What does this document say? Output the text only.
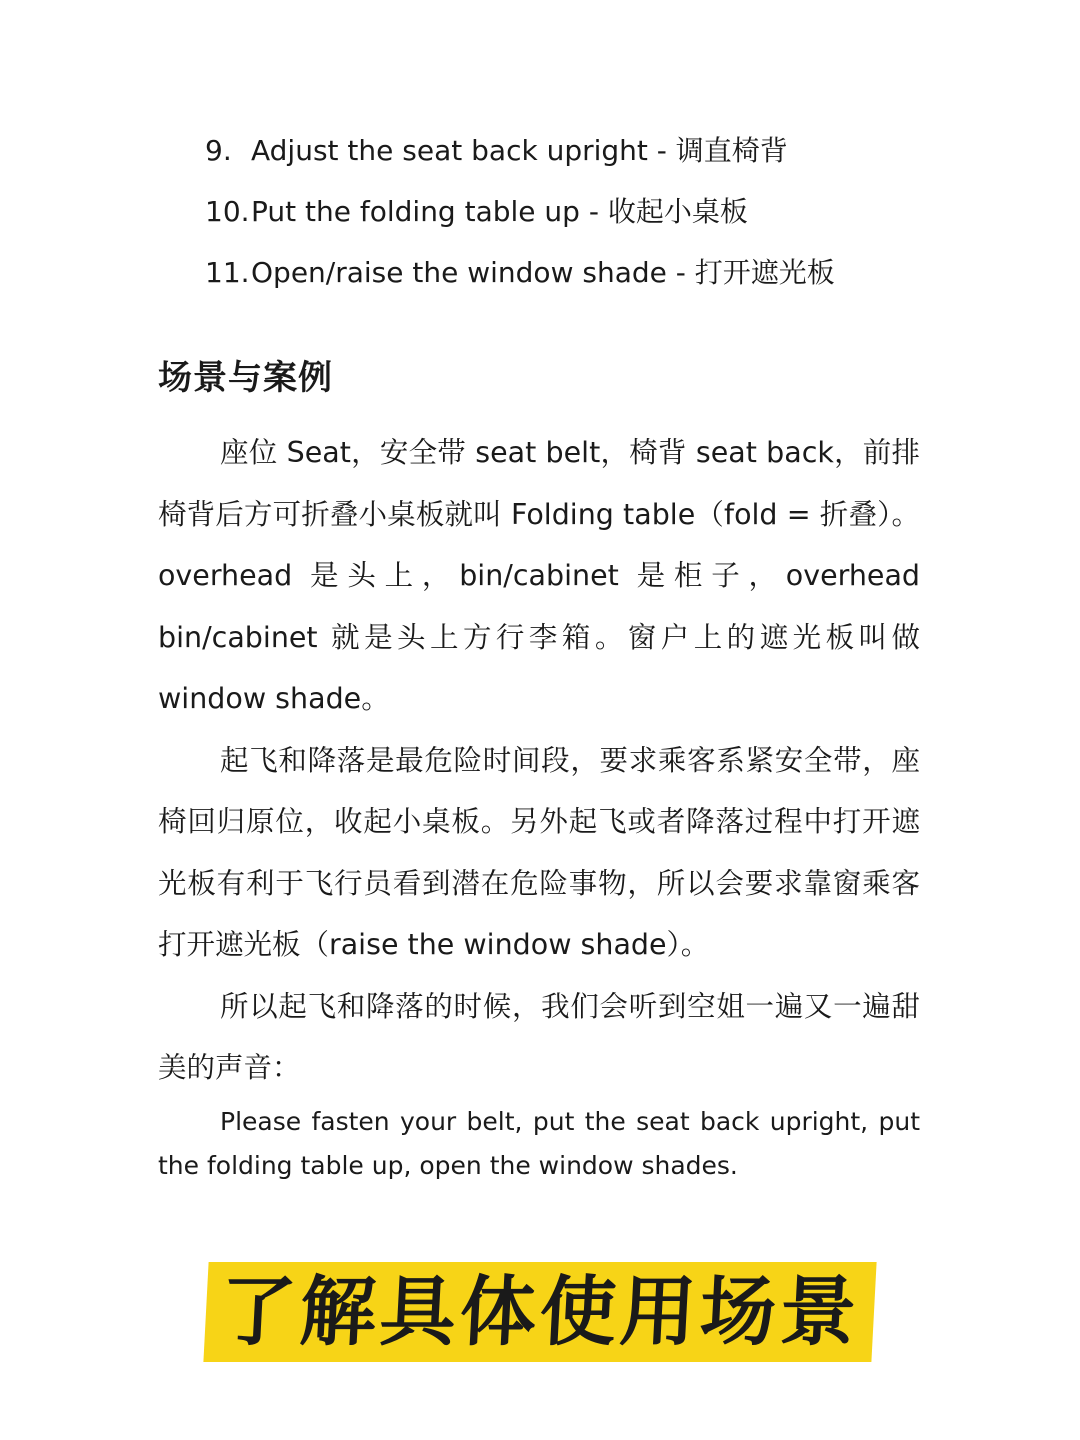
9. Adjust the seat back upright - 调直椅背
10.Put the folding table up - 收起小桌板
11.Open/raise the window shade - 打开遮光板
场景与案例

座位 Seat，安全带 seat belt，椅背 seat back，前排椅背后方可折叠小桌板就叫 Folding table（fold = 折叠）。overhead 是头上，bin/cabinet 是柜子，overhead bin/cabinet 就是头上方行李箱。窗户上的遮光板叫做 window shade。

起飞和降落是最危险时间段，要求乘客系紧安全带，座椅回归原位，收起小桌板。另外起飞或者降落过程中打开遮光板有利于飞行员看到潜在危险事物，所以会要求靠窗乘客打开遮光板（raise the window shade）。

所以起飞和降落的时候，我们会听到空姐一遍又一遍甜美的声音：

Please fasten your belt, put the seat back upright, put the folding table up, open the window shades.
了解具体使用场景
